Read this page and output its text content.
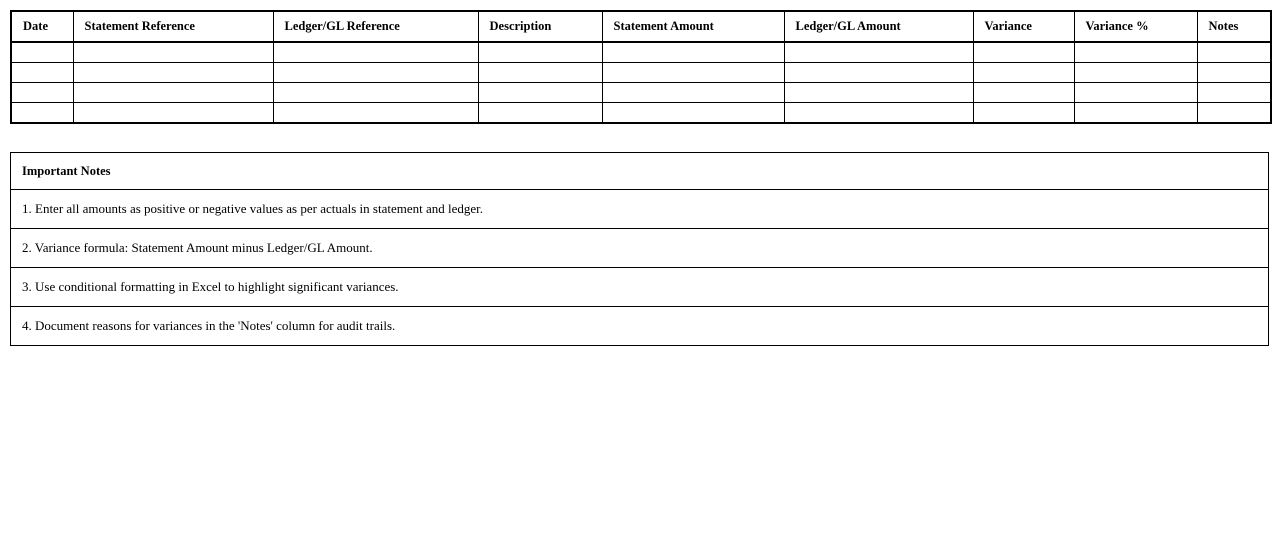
Date	Statement Reference	Ledger/GL Reference	Description	Statement Amount	Ledger/GL Amount	Variance	Variance %	Notes

Important Notes
1. Enter all amounts as positive or negative values as per actuals in statement and ledger.
2. Variance formula: Statement Amount minus Ledger/GL Amount.
3. Use conditional formatting in Excel to highlight significant variances.
4. Document reasons for variances in the 'Notes' column for audit trails.
